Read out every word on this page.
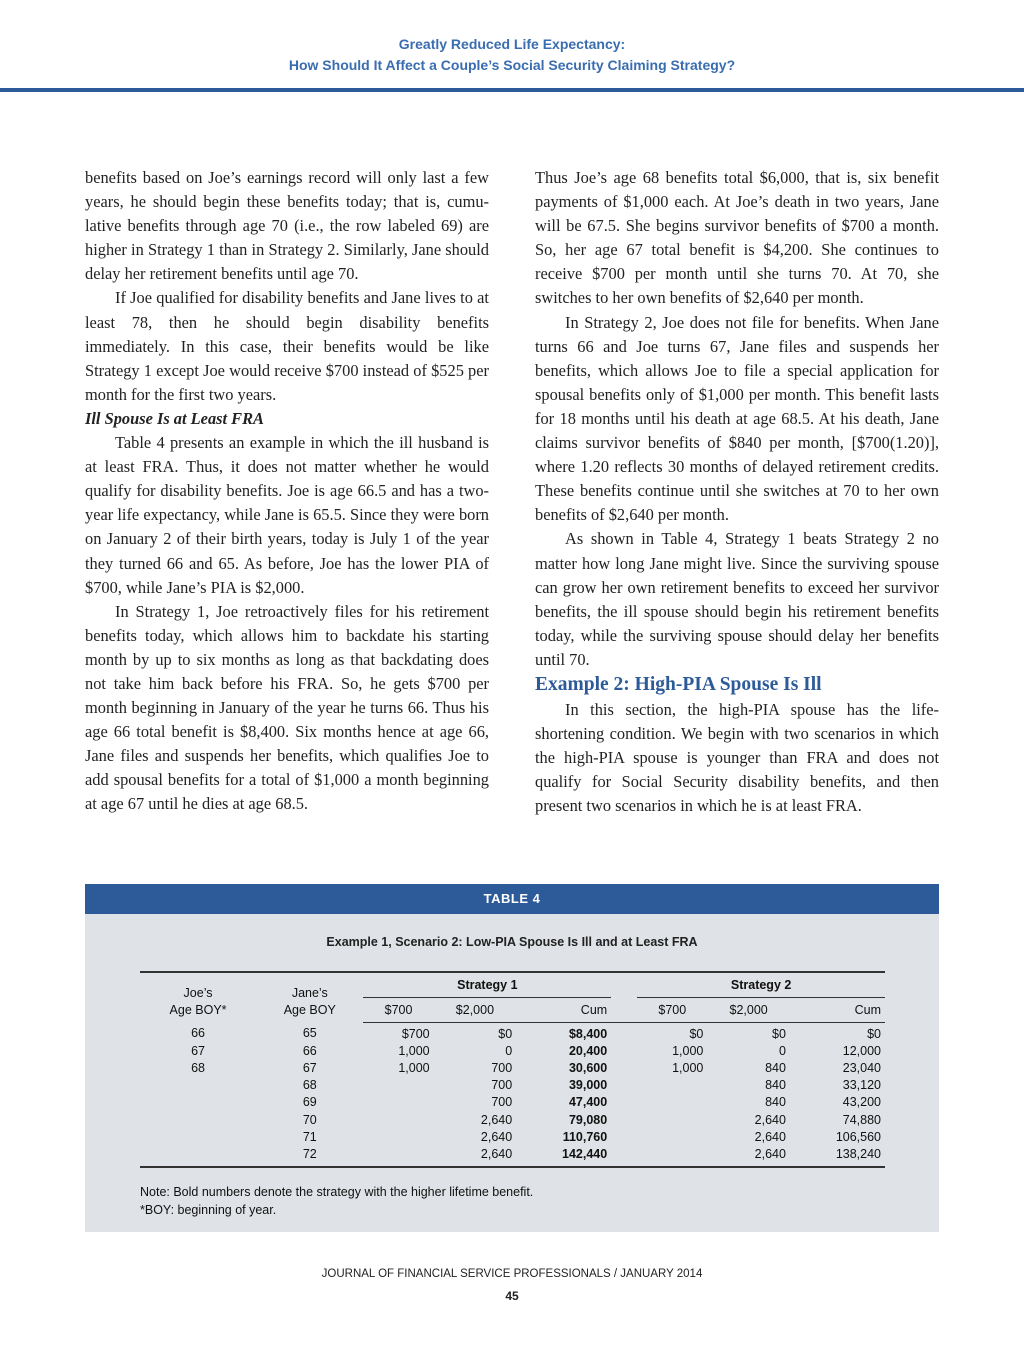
Greatly Reduced Life Expectancy:
How Should It Affect a Couple’s Social Security Claiming Strategy?

benefits based on Joe’s earnings record will only last a few years, he should begin these benefits today; that is, cumu-lative benefits through age 70 (i.e., the row labeled 69) are higher in Strategy 1 than in Strategy 2. Similarly, Jane should delay her retirement benefits until age 70.

If Joe qualified for disability benefits and Jane lives to at least 78, then he should begin disability benefits immediately. In this case, their benefits would be like Strategy 1 except Joe would receive $700 instead of $525 per month for the first two years.

Ill Spouse Is at Least FRA

Table 4 presents an example in which the ill husband is at least FRA. Thus, it does not matter whether he would qualify for disability benefits. Joe is age 66.5 and has a two-year life expectancy, while Jane is 65.5. Since they were born on January 2 of their birth years, today is July 1 of the year they turned 66 and 65. As before, Joe has the lower PIA of $700, while Jane’s PIA is $2,000.

In Strategy 1, Joe retroactively files for his retirement benefits today, which allows him to backdate his starting month by up to six months as long as that backdating does not take him back before his FRA. So, he gets $700 per month beginning in January of the year he turns 66. Thus his age 66 total benefit is $8,400. Six months hence at age 66, Jane files and suspends her benefits, which qualifies Joe to add spousal benefits for a total of $1,000 a month beginning at age 67 until he dies at age 68.5.

Thus Joe’s age 68 benefits total $6,000, that is, six benefit payments of $1,000 each. At Joe’s death in two years, Jane will be 67.5. She begins survivor benefits of $700 a month. So, her age 67 total benefit is $4,200. She continues to receive $700 per month until she turns 70. At 70, she switches to her own benefits of $2,640 per month.

In Strategy 2, Joe does not file for benefits. When Jane turns 66 and Joe turns 67, Jane files and suspends her benefits, which allows Joe to file a special application for spousal benefits only of $1,000 per month. This benefit lasts for 18 months until his death at age 68.5. At his death, Jane claims survivor benefits of $840 per month, [$700(1.20)], where 1.20 reflects 30 months of delayed retirement credits. These benefits continue until she switches at 70 to her own benefits of $2,640 per month.

As shown in Table 4, Strategy 1 beats Strategy 2 no matter how long Jane might live. Since the surviving spouse can grow her own retirement benefits to exceed her survivor benefits, the ill spouse should begin his retirement benefits today, while the surviving spouse should delay her benefits until 70.

Example 2: High-PIA Spouse Is Ill

In this section, the high-PIA spouse has the life-shortening condition. We begin with two scenarios in which the high-PIA spouse is younger than FRA and does not qualify for Social Security disability benefits, and then present two scenarios in which he is at least FRA.

TABLE 4
Example 1, Scenario 2: Low-PIA Spouse Is Ill and at Least FRA
Joe’s
Age BOY*	Jane’s
Age BOY	Strategy 1				Strategy 2		
		$700	$2,000	Cum		$700	$2,000	Cum
66	65	$700	$0	$8,400		$0	$0	$0
67	66	1,000	0	20,400		1,000	0	12,000
68	67	1,000	700	30,600		1,000	840	23,040
	68		700	39,000			840	33,120
	69		700	47,400			840	43,200
	70		2,640	79,080			2,640	74,880
	71		2,640	110,760			2,640	106,560
	72		2,640	142,440			2,640	138,240
Note: Bold numbers denote the strategy with the higher lifetime benefit.
*BOY: beginning of year.
JOURNAL OF FINANCIAL SERVICE PROFESSIONALS / JANUARY 2014
45
